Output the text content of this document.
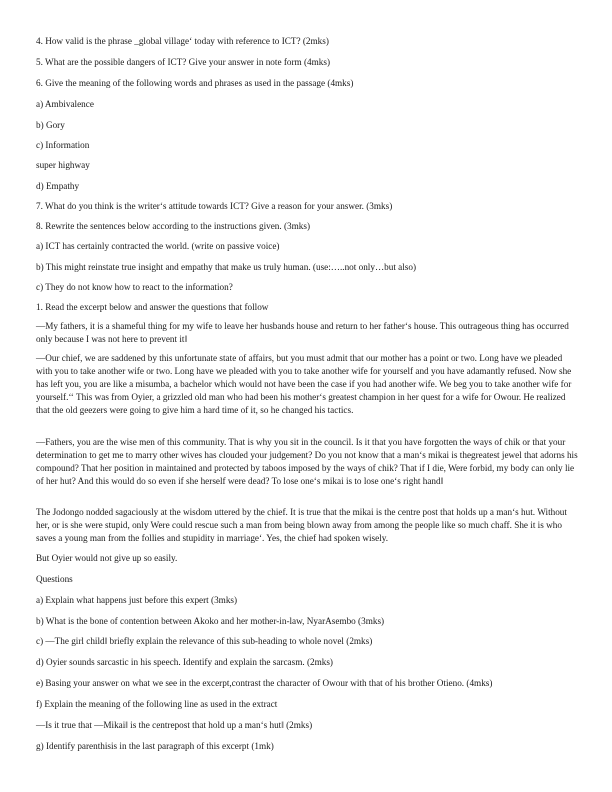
4. How valid is the phrase _global village‘ today with reference to ICT? (2mks)
5. What are the possible dangers of ICT? Give your answer in note form (4mks)
6. Give the meaning of the following words and phrases as used in the passage (4mks)
a) Ambivalence
b) Gory
c) Information
super highway
d) Empathy
7. What do you think is the writer‘s attitude towards ICT? Give a reason for your answer. (3mks)
8. Rewrite the sentences below according to the instructions given. (3mks)
a) ICT has certainly contracted the world. (write on passive voice)
b) This might reinstate true insight and empathy that make us truly human. (use:…..not only…but also)
c) They do not know how to react to the information?
1. Read the excerpt below and answer the questions that follow
—My fathers, it is a shameful thing for my wife to leave her husbands house and return to her father‘s house. This outrageous thing has occurred only because I was not here to prevent it‖
—Our chief, we are saddened by this unfortunate state of affairs, but you must admit that our mother has a point or two. Long have we pleaded with you to take another wife or two. Long have we pleaded with you to take another wife for yourself and you have adamantly refused. Now she has left you, you are like a misumba, a bachelor which would not have been the case if you had another wife. We beg you to take another wife for yourself.‘‘ This was from Oyier, a grizzled old man who had been his mother‘s greatest champion in her quest for a wife for Owour. He realized that the old geezers were going to give him a hard time of it, so he changed his tactics.
—Fathers, you are the wise men of this community. That is why you sit in the council. Is it that you have forgotten the ways of chik or that your determination to get me to marry other wives has clouded your judgement? Do you not know that a man‘s mikai is thegreatest jewel that adorns his compound? That her position in maintained and protected by taboos imposed by the ways of chik? That if I die, Were forbid, my body can only lie of her hut? And this would do so even if she herself were dead? To lose one‘s mikai is to lose one‘s right hand‖
The Jodongo nodded sagaciously at the wisdom uttered by the chief. It is true that the mikai is the centre post that holds up a man‘s hut. Without her, or is she were stupid, only Were could rescue such a man from being blown away from among the people like so much chaff. She it is who saves a young man from the follies and stupidity in marriage‘. Yes, the chief had spoken wisely.
But Oyier would not give up so easily.
Questions
a) Explain what happens just before this expert (3mks)
b) What is the bone of contention between Akoko and her mother-in-law, NyarAsembo (3mks)
c) —The girl child‖ briefly explain the relevance of this sub-heading to whole novel (2mks)
d) Oyier sounds sarcastic in his speech. Identify and explain the sarcasm. (2mks)
e) Basing your answer on what we see in the excerpt,contrast the character of Owour with that of his brother Otieno. (4mks)
f) Explain the meaning of the following line as used in the extract
—Is it true that —Mikai‖ is the centrepost that hold up a man‘s hut‖ (2mks)
g) Identify parenthisis in the last paragraph of this excerpt (1mk)
